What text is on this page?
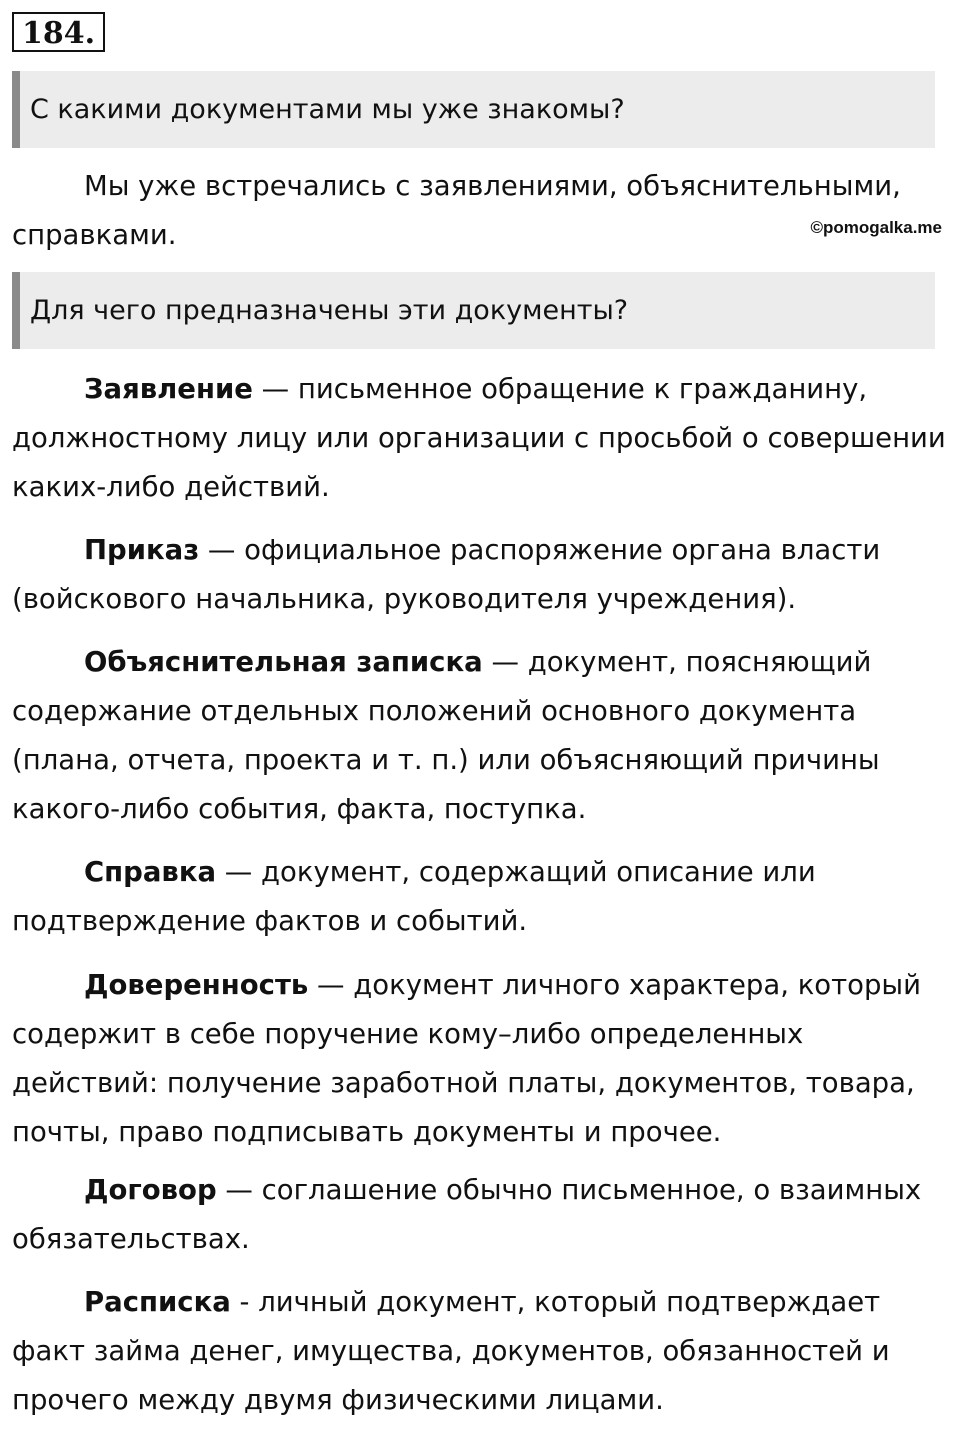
184.
С какими документами мы уже знакомы?

Мы уже встречались с заявлениями, объяснительными, справками.	©pomogalka.me
Для чего предназначены эти документы?

Заявление — письменное обращение к гражданину, должностному лицу или организации с просьбой о совершении каких-либо действий.

Приказ — официальное распоряжение органа власти (войскового начальника, руководителя учреждения).

Объяснительная записка — документ, поясняющий содержание отдельных положений основного документа (плана, отчета, проекта и т. п.) или объясняющий причины какого-либо события, факта, поступка.

Справка — документ, содержащий описание или подтверждение фактов и событий.

Доверенность — документ личного характера, который содержит в себе поручение кому–либо определенных действий: получение заработной платы, документов, товара, почты, право подписывать документы и прочее.

Договор — соглашение обычно письменное, о взаимных обязательствах.

Расписка - личный документ, который подтверждает факт займа денег, имущества, документов, обязанностей и прочего между двумя физическими лицами.
